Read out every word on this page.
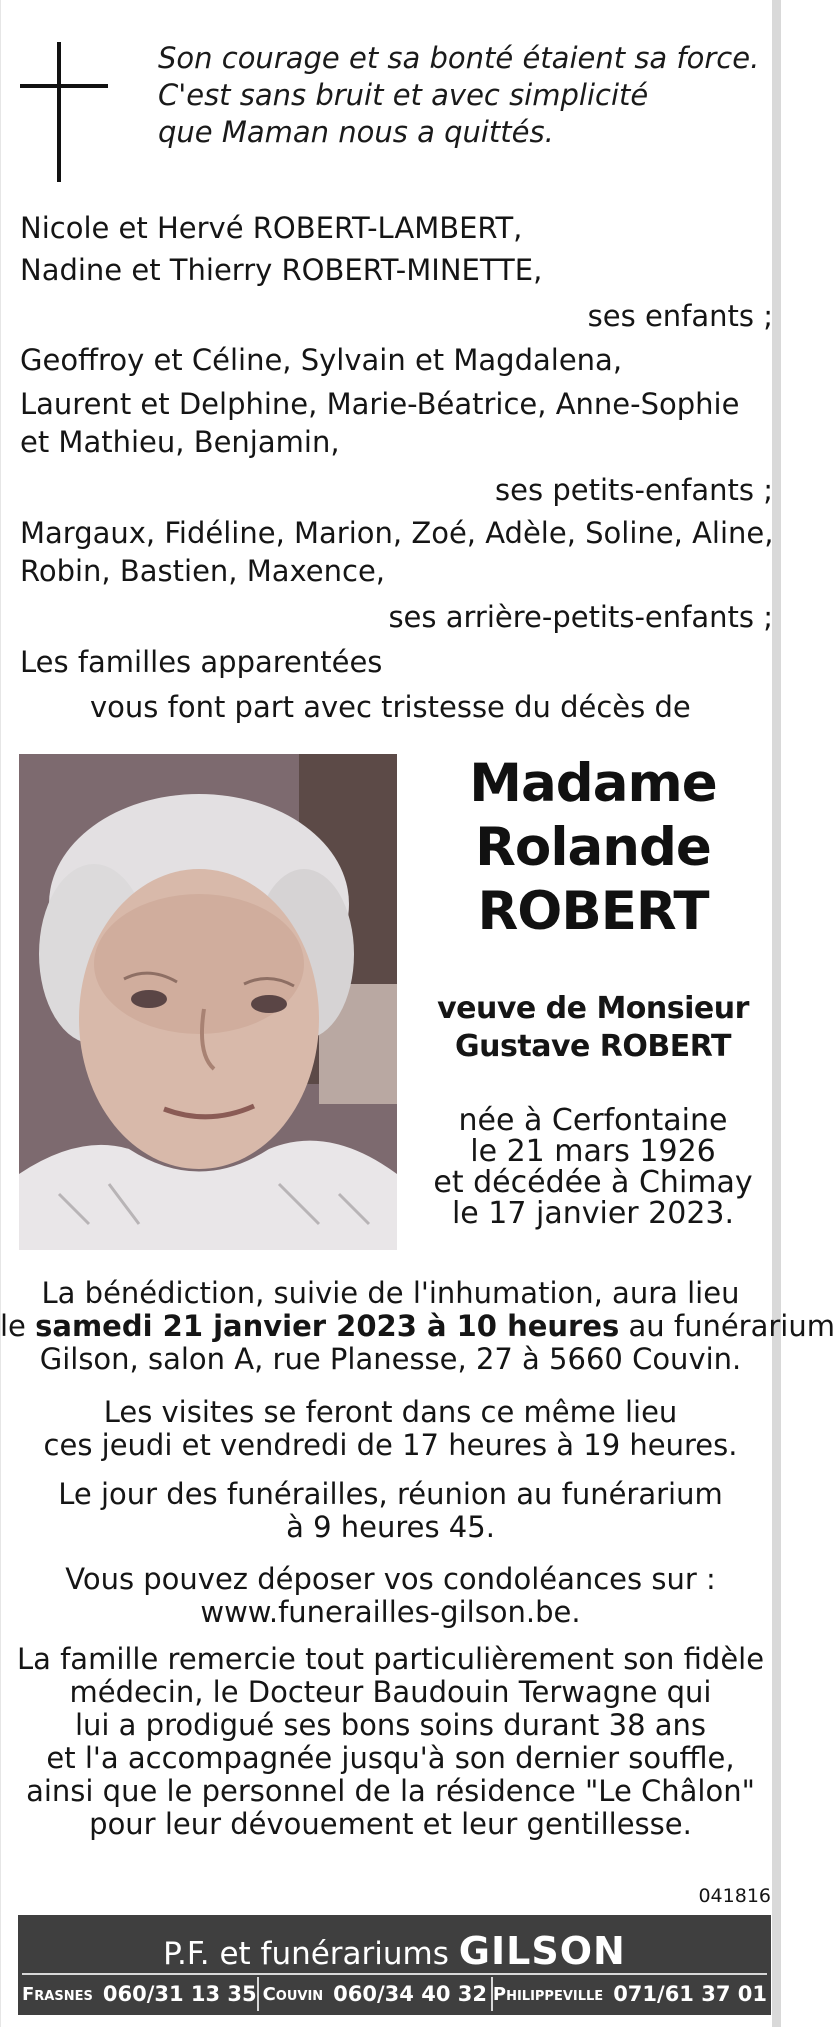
Son courage et sa bonté étaient sa force.
C'est sans bruit et avec simplicité
que Maman nous a quittés.
Nicole et Hervé ROBERT-LAMBERT,
Nadine et Thierry ROBERT-MINETTE,
ses enfants ;
Geoffroy et Céline, Sylvain et Magdalena,
Laurent et Delphine, Marie-Béatrice, Anne-Sophie
et Mathieu, Benjamin,
ses petits-enfants ;
Margaux, Fidéline, Marion, Zoé, Adèle, Soline, Aline,
Robin, Bastien, Maxence,
ses arrière-petits-enfants ;
Les familles apparentées
vous font part avec tristesse du décès de
Madame
Rolande
ROBERT
veuve de Monsieur
Gustave ROBERT
née à Cerfontaine
le 21 mars 1926
et décédée à Chimay
le 17 janvier 2023.
La bénédiction, suivie de l'inhumation, aura lieu
le samedi 21 janvier 2023 à 10 heures au funérarium
Gilson, salon A, rue Planesse, 27 à 5660 Couvin.
Les visites se feront dans ce même lieu
ces jeudi et vendredi de 17 heures à 19 heures.
Le jour des funérailles, réunion au funérarium
à 9 heures 45.
Vous pouvez déposer vos condoléances sur :
www.funerailles-gilson.be.
La famille remercie tout particulièrement son fidèle
médecin, le Docteur Baudouin Terwagne qui
lui a prodigué ses bons soins durant 38 ans
et l'a accompagnée jusqu'à son dernier souffle,
ainsi que le personnel de la résidence "Le Châlon"
pour leur dévouement et leur gentillesse.
041816
P.F. et funérariums GILSON
Frasnes 060/31 13 35 Couvin 060/34 40 32 Philippeville 071/61 37 01
